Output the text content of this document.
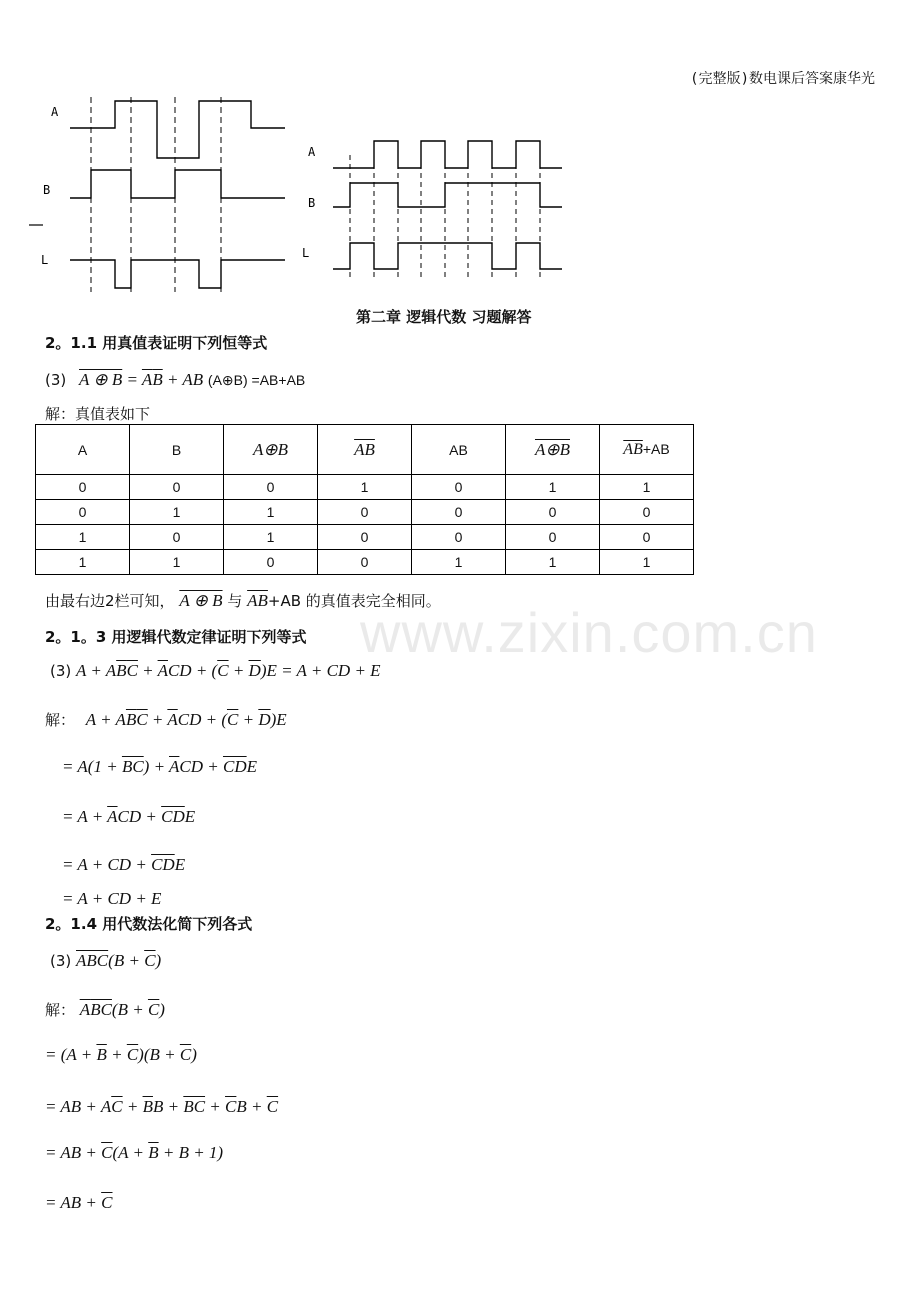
(完整版)数电课后答案康华光
A
B
L
A
B
L
第二章 逻辑代数 习题解答
2。1.1 用真值表证明下列恒等式
(3) A ⊕ $B = \overline{A}\overline{B}$ + AB (A⊕B) =AB+AB
解：真值表如下
A	B	A⊕B	$\overline{AB}$	AB	A⊕B	$\overline{AB}+AB$
0	0	0	1	0	1	1
0	1	1	0	0	0	0
1	0	1	0	0	0	0
1	1	0	0	1	1	1
由最右边2栏可知， A ⊕ B 与 $\overline{AB}+AB$ 的真值表完全相同。
www.zixin.com.cn
2。1。3 用逻辑代数定律证明下列等式
(3) $A + A\overline{B}\overline{C} + \overline{A}CD + (\overline{C} + \overline{D})E = A$ + CD + E
解： $A + A\overline{B}\overline{C} + \overline{A}CD + (\overline{C} + \overline{D})E$
= $A(1 + \overline{BC}) + \overline{A}CD + \overline{CD}E$
= $A + \overline{A}CD + \overline{CD}E$
= A + CD + $\overline{CD}E$
= A + CD + E
2。1.4 用代数法化简下列各式
(3) $ABC(B + \overline{C})$
解： $ABC(B + \overline{C})$
= $(A + \overline{B} + \overline{C})(B + \overline{C})$
= AB + $A\overline{C} + \overline{B}B + \overline{BC} + \overline{C}B + \overline{C}$
= AB + $\overline{C}(A + \overline{B} + B + 1)$
= AB + $\overline{C}$
